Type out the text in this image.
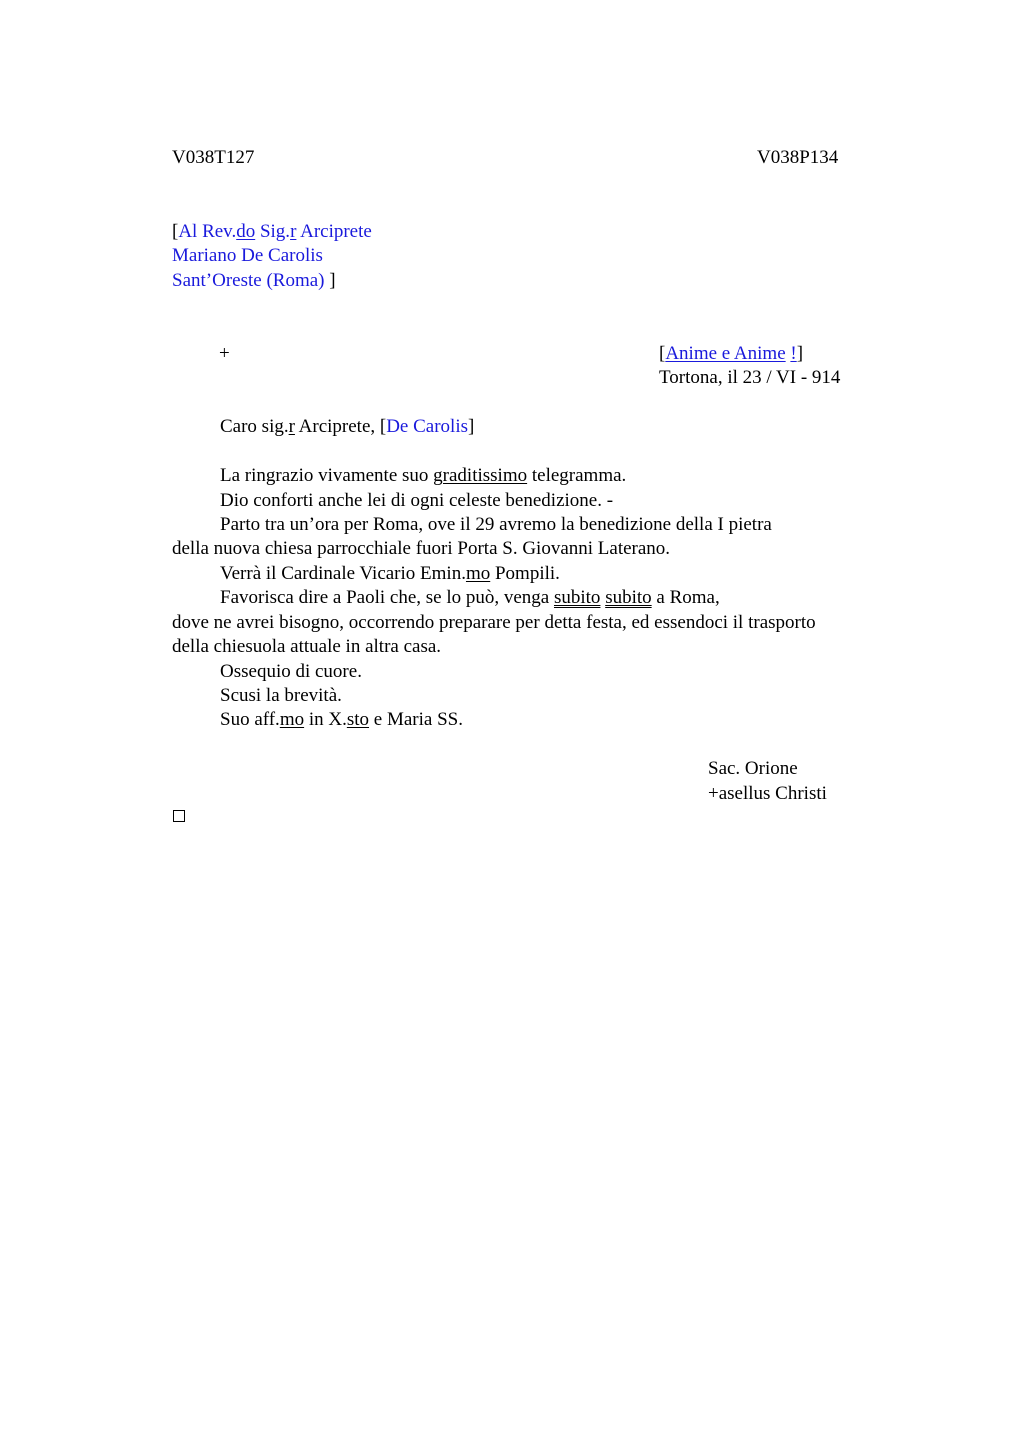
V038T127	V038P134
[Al Rev.do Sig.r Arciprete
Mariano De Carolis
Sant’Oreste (Roma) ]
+	[Anime e Anime !]
Tortona, il 23 / VI - 914
Caro sig.r Arciprete, [De Carolis]
La ringrazio vivamente suo graditissimo telegramma.
Dio conforti anche lei di ogni celeste benedizione. -
Parto tra un’ora per Roma, ove il 29 avremo la benedizione della I pietra
della nuova chiesa parrocchiale fuori Porta S. Giovanni Laterano.
Verrà il Cardinale Vicario Emin.mo Pompili.
Favorisca dire a Paoli che, se lo può, venga subito subito a Roma,
dove ne avrei bisogno, occorrendo preparare per detta festa, ed essendoci il trasporto
della chiesuola attuale in altra casa.
Ossequio di cuore.
Scusi la brevità.
Suo aff.mo in X.sto e Maria SS.
Sac. Orione
+asellus Christi
